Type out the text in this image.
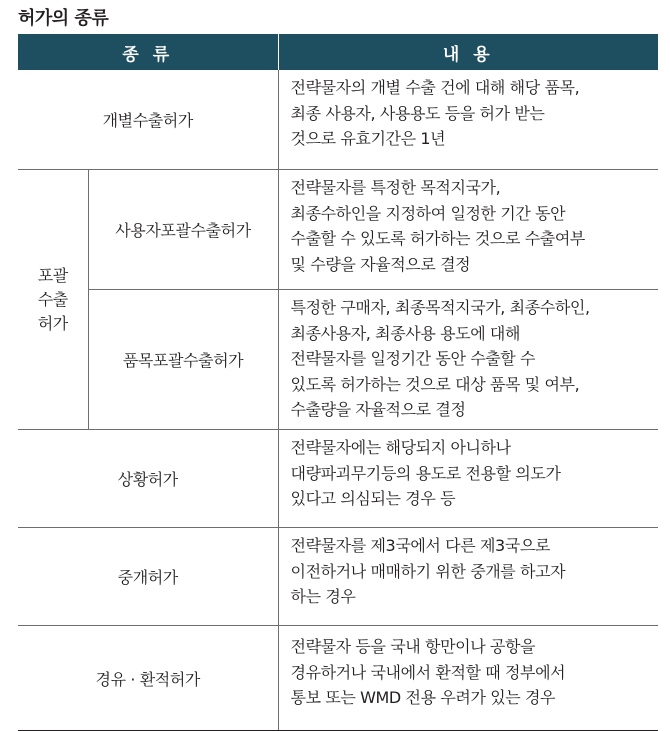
허가의 종류
종 류		내 용
개별수출허가		전략물자의 개별 수출 건에 대해 해당 품목,
최종 사용자, 사용용도 등을 허가 받는
것으로 유효기간은 1년

포괄
수출
허가	사용자포괄수출허가	전략물자를 특정한 목적지국가,
최종수하인을 지정하여 일정한 기간 동안
수출할 수 있도록 허가하는 것으로 수출여부
및 수량을 자율적으로 결정
	품목포괄수출허가	특정한 구매자, 최종목적지국가, 최종수하인,
최종사용자, 최종사용 용도에 대해
전략물자를 일정기간 동안 수출할 수
있도록 허가하는 것으로 대상 품목 및 여부,
수출량을 자율적으로 결정
상황허가		전략물자에는 해당되지 아니하나
대량파괴무기등의 용도로 전용할 의도가
있다고 의심되는 경우 등
중개허가		전략물자를 제3국에서 다른 제3국으로
이전하거나 매매하기 위한 중개를 하고자
하는 경우
경유 · 환적허가		전략물자 등을 국내 항만이나 공항을
경유하거나 국내에서 환적할 때 정부에서
통보 또는 WMD 전용 우려가 있는 경우
